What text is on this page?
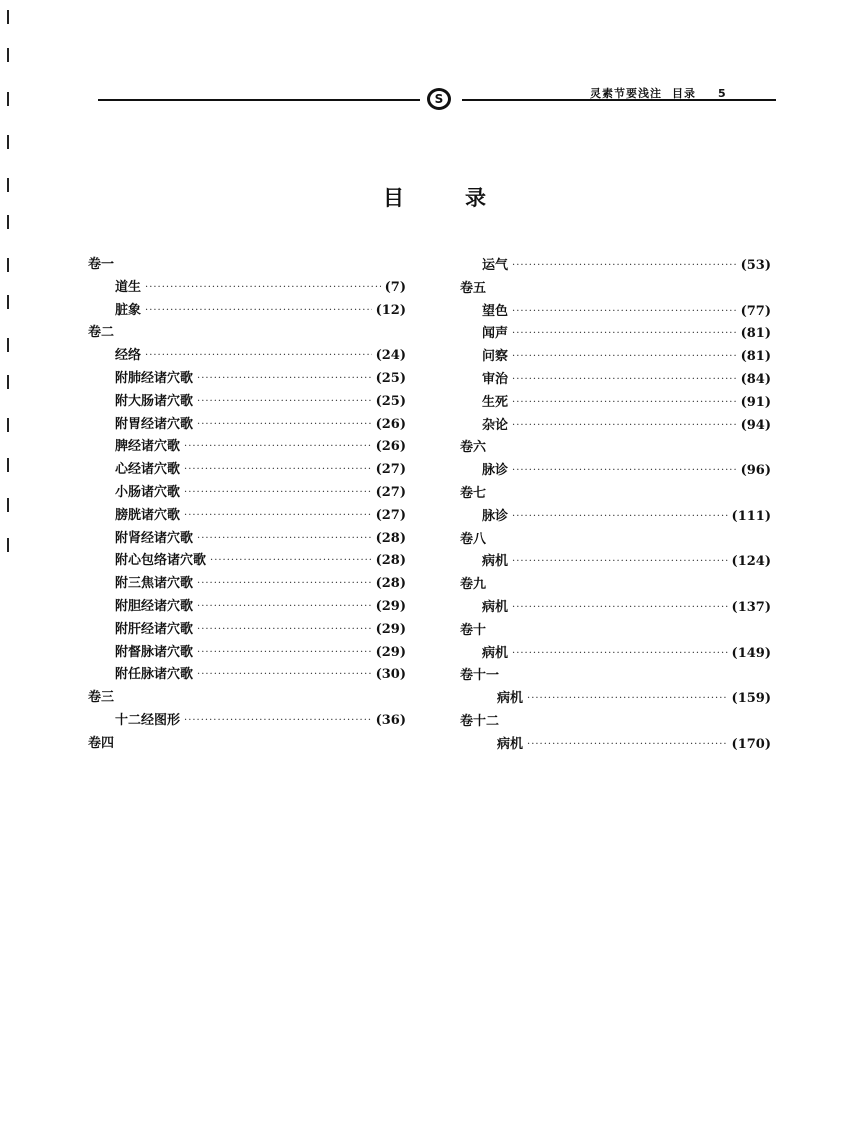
S	灵素节要浅注 目录 5
目	录
卷一
道生 ·····	(7)
脏象 ·····	(12)
卷二
经络 ·····	(24)
附肺经诸穴歌 ·····	(25)
附大肠诸穴歌 ·····	(25)
附胃经诸穴歌 ·····	(26)
脾经诸穴歌 ·····	(26)
心经诸穴歌 ·····	(27)
小肠诸穴歌 ·····	(27)
膀胱诸穴歌 ·····	(27)
附肾经诸穴歌 ·····	(28)
附心包络诸穴歌 ·····	(28)
附三焦诸穴歌 ·····	(28)
附胆经诸穴歌 ·····	(29)
附肝经诸穴歌 ·····	(29)
附督脉诸穴歌 ·····	(29)
附任脉诸穴歌 ·····	(30)
卷三
十二经图形 ·····	(36)
卷四
运气 ·····	(53)
卷五
望色 ·····	(77)
闻声 ·····	(81)
问察 ·····	(81)
审治 ·····	(84)
生死 ·····	(91)
杂论 ·····	(94)
卷六
脉诊 ·····	(96)
卷七
脉诊 ·····	(111)
卷八
病机 ·····	(124)
卷九
病机 ·····	(137)
卷十
病机 ·····	(149)
卷十一
病机 ·····	(159)
卷十二
病机 ·····	(170)
